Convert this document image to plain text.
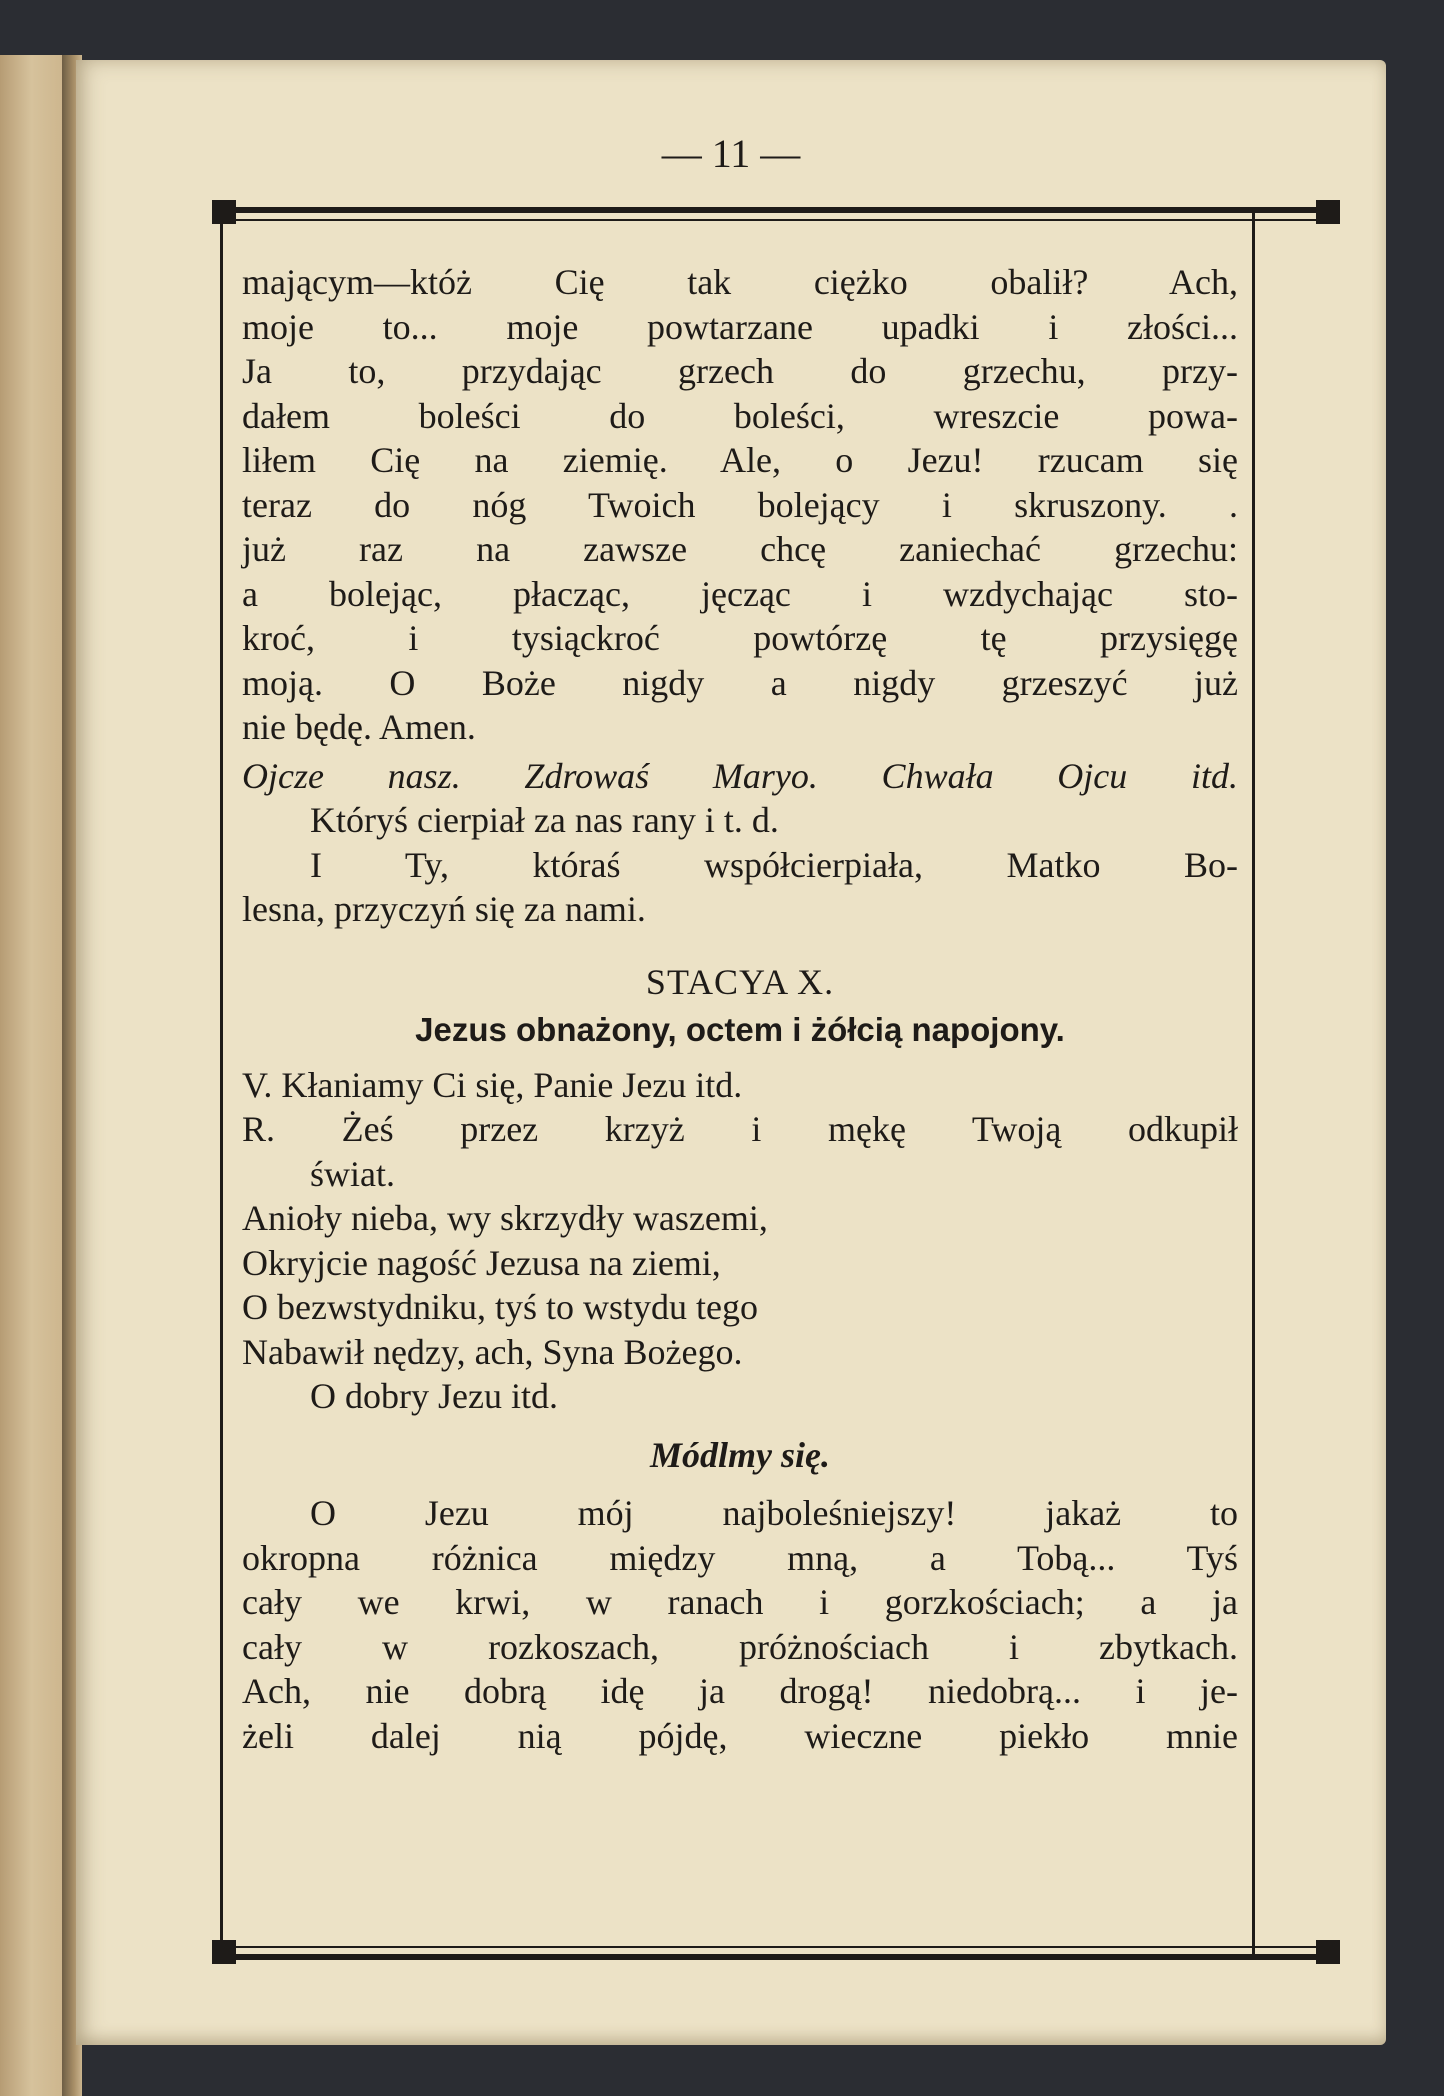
— 11 —
mającym—któż Cię tak ciężko obalił? Ach,
moje to... moje powtarzane upadki i złości...
Ja to, przydając grzech do grzechu, przy-
dałem boleści do boleści, wreszcie powa-
liłem Cię na ziemię. Ale, o Jezu! rzucam się
teraz do nóg Twoich bolejący i skruszony. .
już raz na zawsze chcę zaniechać grzechu:
a bolejąc, płacząc, jęcząc i wzdychając sto-
kroć, i tysiąckroć powtórzę tę przysięgę
moją. O Boże nigdy a nigdy grzeszyć już
nie będę. Amen.
Ojcze nasz. Zdrowaś Maryo. Chwała Ojcu itd.
Któryś cierpiał za nas rany i t. d.
I Ty, któraś współcierpiała, Matko Bo-
lesna, przyczyń się za nami.
STACYA X.
Jezus obnażony, octem i żółcią napojony.
V. Kłaniamy Ci się, Panie Jezu itd.
R. Żeś przez krzyż i mękę Twoją odkupił
świat.
Anioły nieba, wy skrzydły waszemi,
Okryjcie nagość Jezusa na ziemi,
O bezwstydniku, tyś to wstydu tego
Nabawił nędzy, ach, Syna Bożego.
O dobry Jezu itd.
Módlmy się.
O Jezu mój najboleśniejszy! jakaż to
okropna różnica między mną, a Tobą... Tyś
cały we krwi, w ranach i gorzkościach; a ja
cały w rozkoszach, próżnościach i zbytkach.
Ach, nie dobrą idę ja drogą! niedobrą... i je-
żeli dalej nią pójdę, wieczne piekło mnie
